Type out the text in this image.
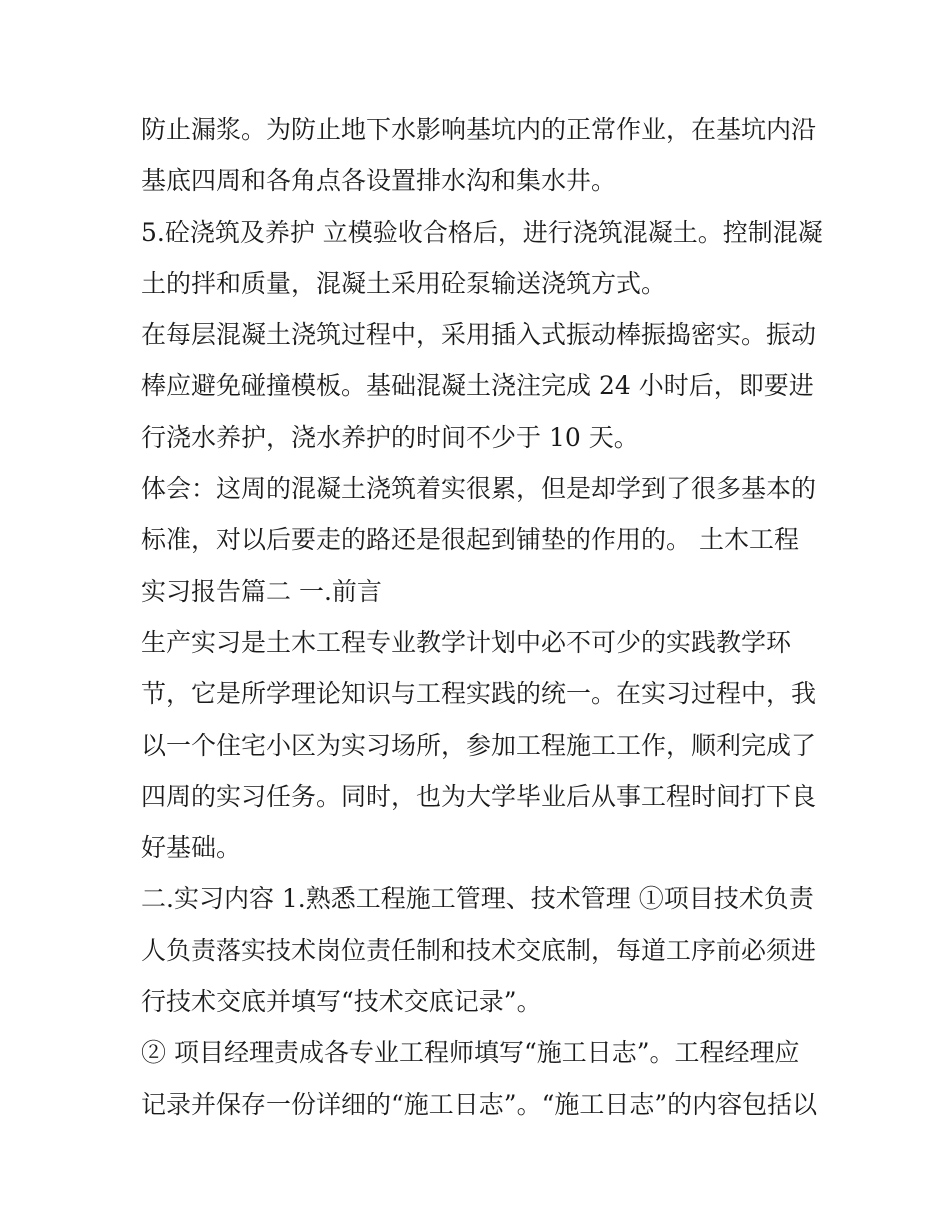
防止漏浆。为防止地下水影响基坑内的正常作业，在基坑内沿
基底四周和各角点各设置排水沟和集水井。
5.砼浇筑及养护 立模验收合格后，进行浇筑混凝土。控制混凝
土的拌和质量，混凝土采用砼泵输送浇筑方式。
在每层混凝土浇筑过程中，采用插入式振动棒振捣密实。振动
棒应避免碰撞模板。基础混凝土浇注完成 24 小时后，即要进
行浇水养护，浇水养护的时间不少于 10 天。
体会：这周的混凝土浇筑着实很累，但是却学到了很多基本的
标准，对以后要走的路还是很起到铺垫的作用的。 土木工程
实习报告篇二 一.前言
生产实习是土木工程专业教学计划中必不可少的实践教学环
节，它是所学理论知识与工程实践的统一。在实习过程中，我
以一个住宅小区为实习场所，参加工程施工工作，顺利完成了
四周的实习任务。同时，也为大学毕业后从事工程时间打下良
好基础。
二.实习内容 1.熟悉工程施工管理、技术管理 ①项目技术负责
人负责落实技术岗位责任制和技术交底制，每道工序前必须进
行技术交底并填写“技术交底记录”。
② 项目经理责成各专业工程师填写“施工日志”。工程经理应
记录并保存一份详细的“施工日志”。“施工日志”的内容包括以
